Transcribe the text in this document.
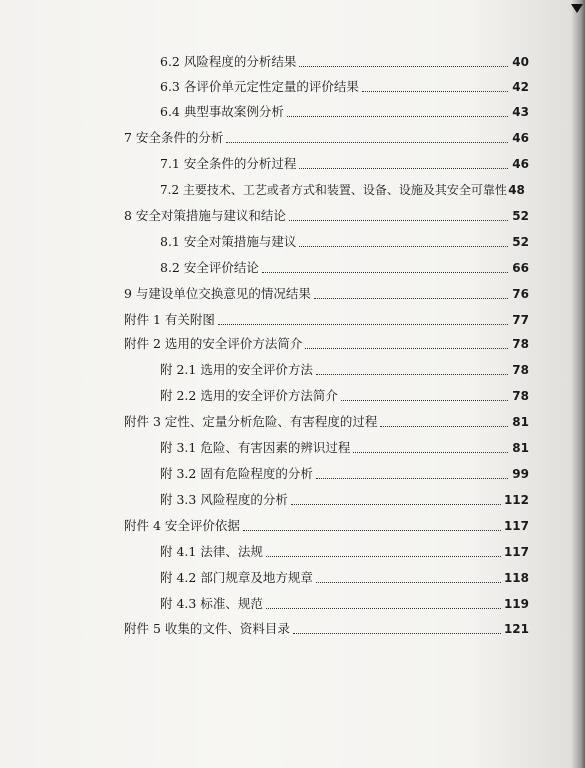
6.2 风险程度的分析结果	40
6.3 各评价单元定性定量的评价结果	42
6.4 典型事故案例分析	43
7 安全条件的分析	46
7.1 安全条件的分析过程	46
7.2 主要技术、工艺或者方式和装置、设备、设施及其安全可靠性 48
8 安全对策措施与建议和结论	52
8.1 安全对策措施与建议	52
8.2 安全评价结论	66
9 与建设单位交换意见的情况结果	76
附件 1 有关附图	77
附件 2 选用的安全评价方法简介	78
附 2.1 选用的安全评价方法	78
附 2.2 选用的安全评价方法简介	78
附件 3 定性、定量分析危险、有害程度的过程	81
附 3.1 危险、有害因素的辨识过程	81
附 3.2 固有危险程度的分析	99
附 3.3 风险程度的分析	112
附件 4 安全评价依据	117
附 4.1 法律、法规	117
附 4.2 部门规章及地方规章	118
附 4.3 标准、规范	119
附件 5 收集的文件、资料目录	121
